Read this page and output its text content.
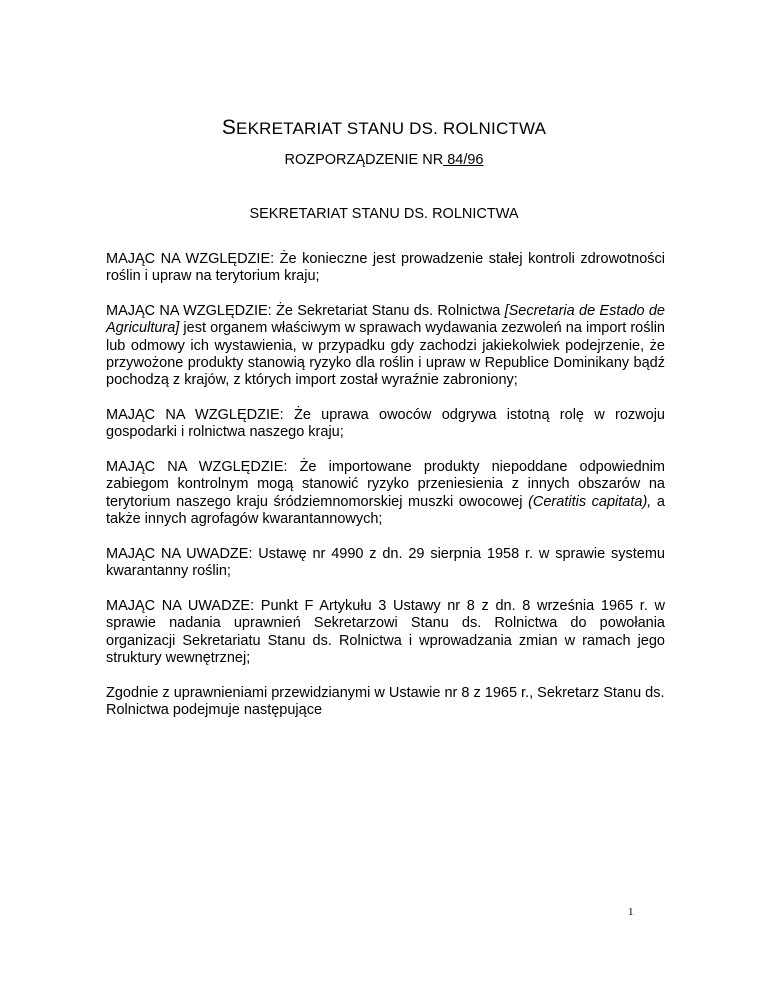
SEKRETARIAT STANU DS. ROLNICTWA
ROZPORZĄDZENIE NR 84/96
SEKRETARIAT STANU DS. ROLNICTWA

MAJĄC NA WZGLĘDZIE: Że konieczne jest prowadzenie stałej kontroli zdrowotności roślin i upraw na terytorium kraju;

MAJĄC NA WZGLĘDZIE: Że Sekretariat Stanu ds. Rolnictwa [Secretaria de Estado de Agricultura] jest organem właściwym w sprawach wydawania zezwoleń na import roślin lub odmowy ich wystawienia, w przypadku gdy zachodzi jakiekolwiek podejrzenie, że przywożone produkty stanowią ryzyko dla roślin i upraw w Republice Dominikany bądź pochodzą z krajów, z których import został wyraźnie zabroniony;

MAJĄC NA WZGLĘDZIE: Że uprawa owoców odgrywa istotną rolę w rozwoju gospodarki i rolnictwa naszego kraju;

MAJĄC NA WZGLĘDZIE: Że importowane produkty niepoddane odpowiednim zabiegom kontrolnym mogą stanowić ryzyko przeniesienia z innych obszarów na terytorium naszego kraju śródziemnomorskiej muszki owocowej (Ceratitis capitata), a także innych agrofagów kwarantannowych;

MAJĄC NA UWADZE: Ustawę nr 4990 z dn. 29 sierpnia 1958 r. w sprawie systemu kwarantanny roślin;

MAJĄC NA UWADZE: Punkt F Artykułu 3 Ustawy nr 8 z dn. 8 września 1965 r. w sprawie nadania uprawnień Sekretarzowi Stanu ds. Rolnictwa do powołania organizacji Sekretariatu Stanu ds. Rolnictwa i wprowadzania zmian w ramach jego struktury wewnętrznej;

Zgodnie z uprawnieniami przewidzianymi w Ustawie nr 8 z 1965 r., Sekretarz Stanu ds. Rolnictwa podejmuje następujące

1
